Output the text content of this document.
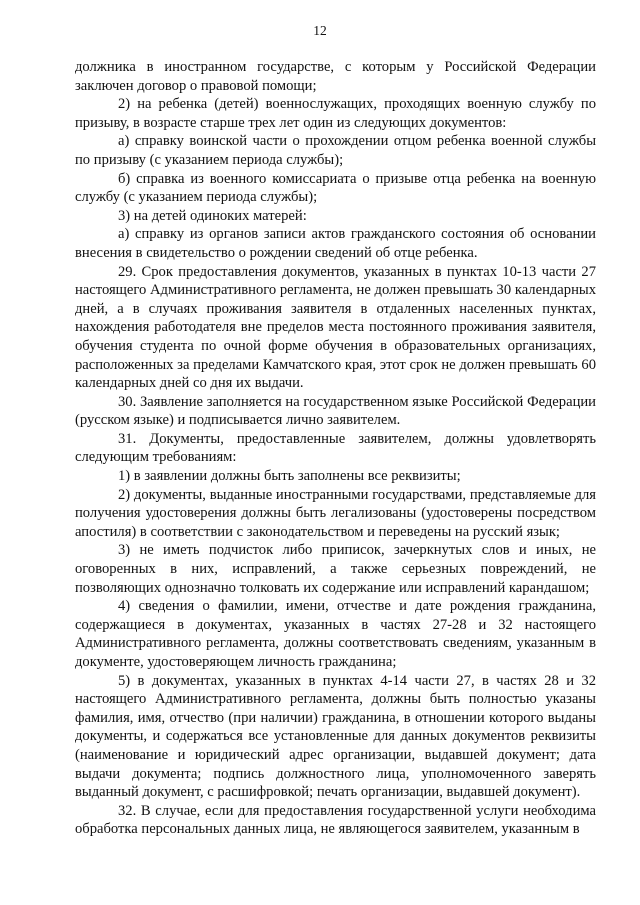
12

должника в иностранном государстве, с которым у Российской Федерации заключен договор о правовой помощи;

2) на ребенка (детей) военнослужащих, проходящих военную службу по призыву, в возрасте старше трех лет один из следующих документов:

а) справку воинской части о прохождении отцом ребенка военной службы по призыву (с указанием периода службы);

б) справка из военного комиссариата о призыве отца ребенка на военную службу (с указанием периода службы);

3) на детей одиноких матерей:

а) справку из органов записи актов гражданского состояния об основании внесения в свидетельство о рождении сведений об отце ребенка.

29. Срок предоставления документов, указанных в пунктах 10-13 части 27 настоящего Административного регламента, не должен превышать 30 календарных дней, а в случаях проживания заявителя в отдаленных населенных пунктах, нахождения работодателя вне пределов места постоянного проживания заявителя, обучения студента по очной форме обучения в образовательных организациях, расположенных за пределами Камчатского края, этот срок не должен превышать 60 календарных дней со дня их выдачи.

30. Заявление заполняется на государственном языке Российской Федерации (русском языке) и подписывается лично заявителем.

31. Документы, предоставленные заявителем, должны удовлетворять следующим требованиям:

1) в заявлении должны быть заполнены все реквизиты;

2) документы, выданные иностранными государствами, представляемые для получения удостоверения должны быть легализованы (удостоверены посредством апостиля) в соответствии с законодательством и переведены на русский язык;

3) не иметь подчисток либо приписок, зачеркнутых слов и иных, не оговоренных в них, исправлений, а также серьезных повреждений, не позволяющих однозначно толковать их содержание или исправлений карандашом;

4) сведения о фамилии, имени, отчестве и дате рождения гражданина, содержащиеся в документах, указанных в частях 27-28 и 32 настоящего Административного регламента, должны соответствовать сведениям, указанным в документе, удостоверяющем личность гражданина;

5) в документах, указанных в пунктах 4-14 части 27, в частях 28 и 32 настоящего Административного регламента, должны быть полностью указаны фамилия, имя, отчество (при наличии) гражданина, в отношении которого выданы документы, и содержаться все установленные для данных документов реквизиты (наименование и юридический адрес организации, выдавшей документ; дата выдачи документа; подпись должностного лица, уполномоченного заверять выданный документ, с расшифровкой; печать организации, выдавшей документ).

32. В случае, если для предоставления государственной услуги необходима обработка персональных данных лица, не являющегося заявителем, указанным в
